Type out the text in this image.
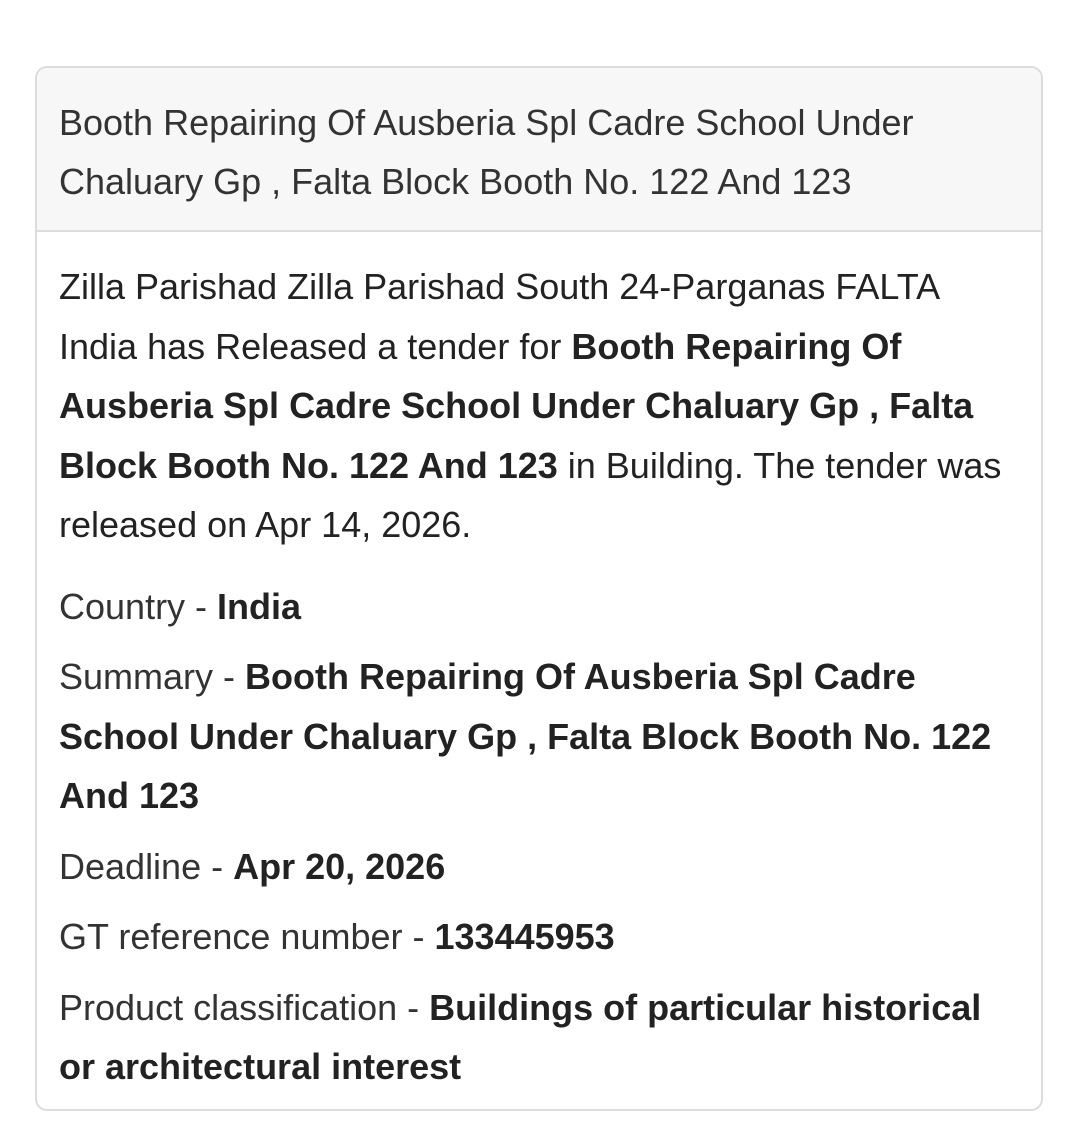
Booth Repairing Of Ausberia Spl Cadre School Under Chaluary Gp , Falta Block Booth No. 122 And 123
Zilla Parishad Zilla Parishad South 24-Parganas FALTA India has Released a tender for Booth Repairing Of Ausberia Spl Cadre School Under Chaluary Gp , Falta Block Booth No. 122 And 123 in Building. The tender was released on Apr 14, 2026.
Country - India
Summary - Booth Repairing Of Ausberia Spl Cadre School Under Chaluary Gp , Falta Block Booth No. 122 And 123
Deadline - Apr 20, 2026
GT reference number - 133445953
Product classification - Buildings of particular historical or architectural interest
